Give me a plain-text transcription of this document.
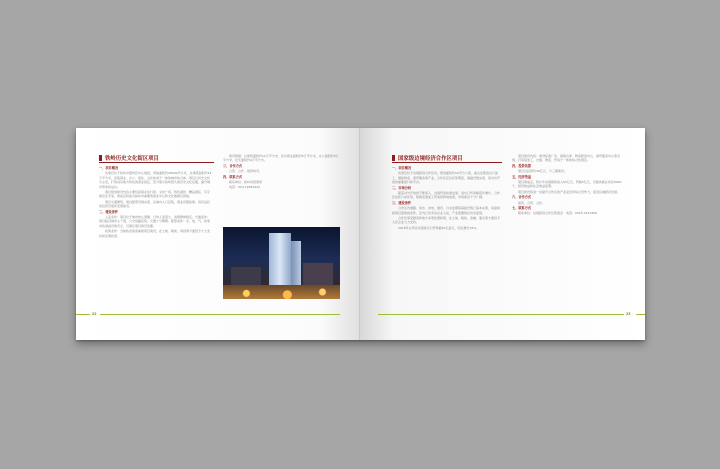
铁岭历史文化街区项目

一、项目概况

　　该项目位于铁岭市银州区中心地段，用地面积约28000平方米，总建筑面积约12万平方米，是集商业、办公、居住、文化休闲于一体的城市综合体。项目以历史文化为主线，打造具有地方特色的商业街区，充分展示铁岭悠久的历史文化底蕴，提升城市形象和品位。

　　项目规划建设内容主要包括商业步行街、文化广场、特色餐饮、精品酒店、写字楼及住宅等，建成后将成为铁岭市重要的商业中心和文化旅游目的地。

　　项目交通便利，周边配套设施完善，区域内人口密集，商业氛围浓厚，具有良好的投资价值和发展前景。

二、建设条件

　　人流条件：项目位于城市核心商圈，日均人流量大，消费群体稳定。交通条件：项目临近城市主干道，公交线路密集，交通十分便捷。配套条件：水、电、气、热等市政基础设施齐全，可满足项目建设需要。

　　政策条件：当地政府高度重视项目建设，在土地、税收、审批等方面给予大力支持和优惠政策。

　　建设规模：总建筑面积约12万平方米，其中商业面积约5万平方米，办公面积约3万平方米，住宅面积约4万平方米。

三、合作方式

　　合资、合作、独资均可。

四、联系方式

　　联系单位：铁岭市招商局

　　电话：024-72822222

22
国家级边境经济合作区项目

一、项目概况

　　该项目位于边境经济合作区内，规划面积约10平方公里，重点发展进出口加工、国际物流、商贸服务等产业。合作区区位优势明显，基础设施完善，是对外开放的重要窗口和平台。

二、市场分析

　　随着对外开放的不断深入，边境贸易快速发展，进出口贸易额逐年增长。合作区依托口岸优势，积极发展加工贸易和跨境电商，市场前景十分广阔。

三、建设条件

　　合作区内道路、供水、供电、通讯、污水处理等基础设施已基本完善，具备承接项目落地的条件。区内已有多家企业入驻，产业集聚效应初步显现。

　　合作区享受国家和地方多项优惠政策，在土地、税收、金融、通关等方面给予入区企业大力支持。

　　2018年合作区实现进出口贸易额20亿美元，同比增长15%。

　　项目建设内容：建设标准厂房、保税仓库、物流配送中心、商贸服务中心等设施，打造集加工、仓储、物流、贸易于一体的综合性园区。

四、投资估算

　　项目总投资约30亿元，分三期建设。

五、经济效益

　　项目建成后，预计年实现销售收入50亿元，利税5亿元，可提供就业岗位5000个，经济效益和社会效益显著。

　　项目建设将进一步提升合作区的产业层次和综合竞争力，促进区域经济发展。

六、合作方式

　　独资、合资、合作。

七、联系方式

　　联系单位：边境经济合作区管委会　电话：0415-3123456

23
